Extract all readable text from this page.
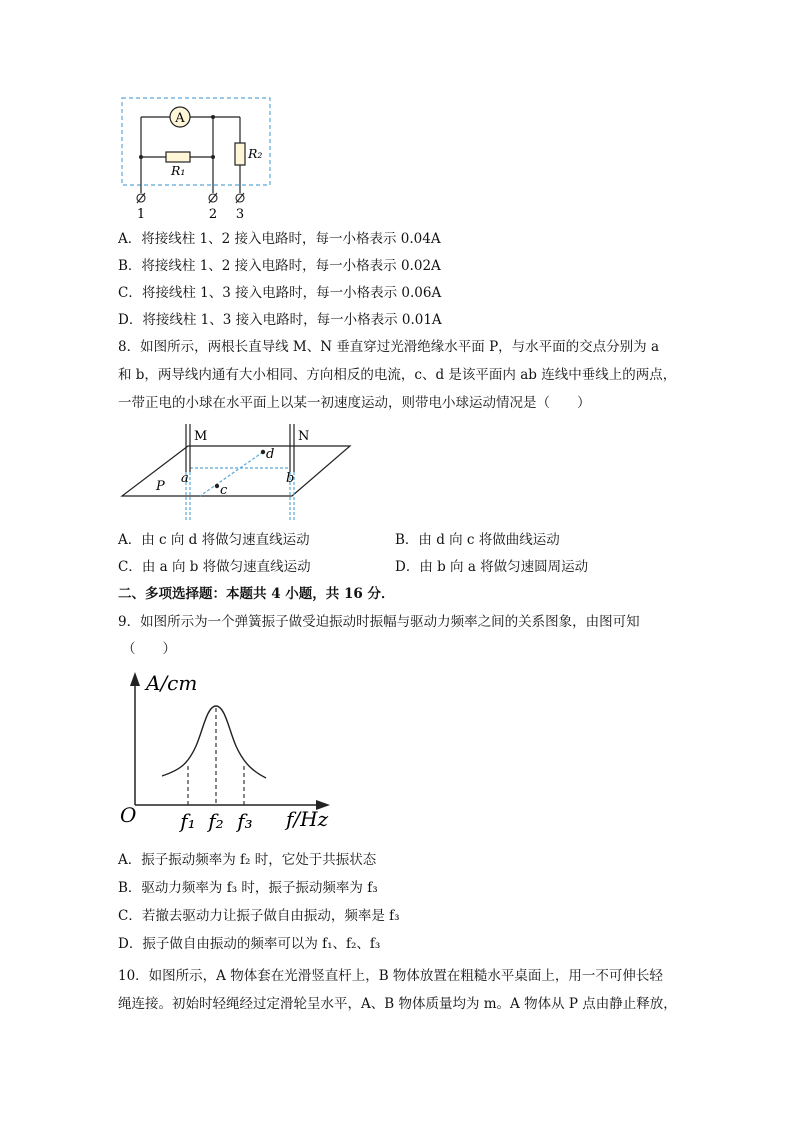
A
R₁
R₂
1	2 3
A．将接线柱 1、2 接入电路时，每一小格表示 0.04A
B．将接线柱 1、2 接入电路时，每一小格表示 0.02A
C．将接线柱 1、3 接入电路时，每一小格表示 0.06A
D．将接线柱 1、3 接入电路时，每一小格表示 0.01A
8．如图所示，两根长直导线 M、N 垂直穿过光滑绝缘水平面 P，与水平面的交点分别为 a
和 b，两导线内通有大小相同、方向相反的电流，c、d 是该平面内 ab 连线中垂线上的两点，
一带正电的小球在水平面上以某一初速度运动，则带电小球运动情况是（　　）
M	N
d
c
a	b
P
A．由 c 向 d 将做匀速直线运动	B．由 d 向 c 将做曲线运动
C．由 a 向 b 将做匀速直线运动	D．由 b 向 a 将做匀速圆周运动
二、多项选择题：本题共 4 小题，共 16 分．
9．如图所示为一个弹簧振子做受迫振动时振幅与驱动力频率之间的关系图象，由图可知
（　　）
A/cm
f/Hz
O f₁ f₂ f₃
A．振子振动频率为 f₂ 时，它处于共振状态
B．驱动力频率为 f₃ 时，振子振动频率为 f₃
C．若撤去驱动力让振子做自由振动，频率是 f₃
D．振子做自由振动的频率可以为 f₁、f₂、f₃
10．如图所示，A 物体套在光滑竖直杆上，B 物体放置在粗糙水平桌面上，用一不可伸长轻
绳连接。初始时轻绳经过定滑轮呈水平，A、B 物体质量均为 m。A 物体从 P 点由静止释放，
